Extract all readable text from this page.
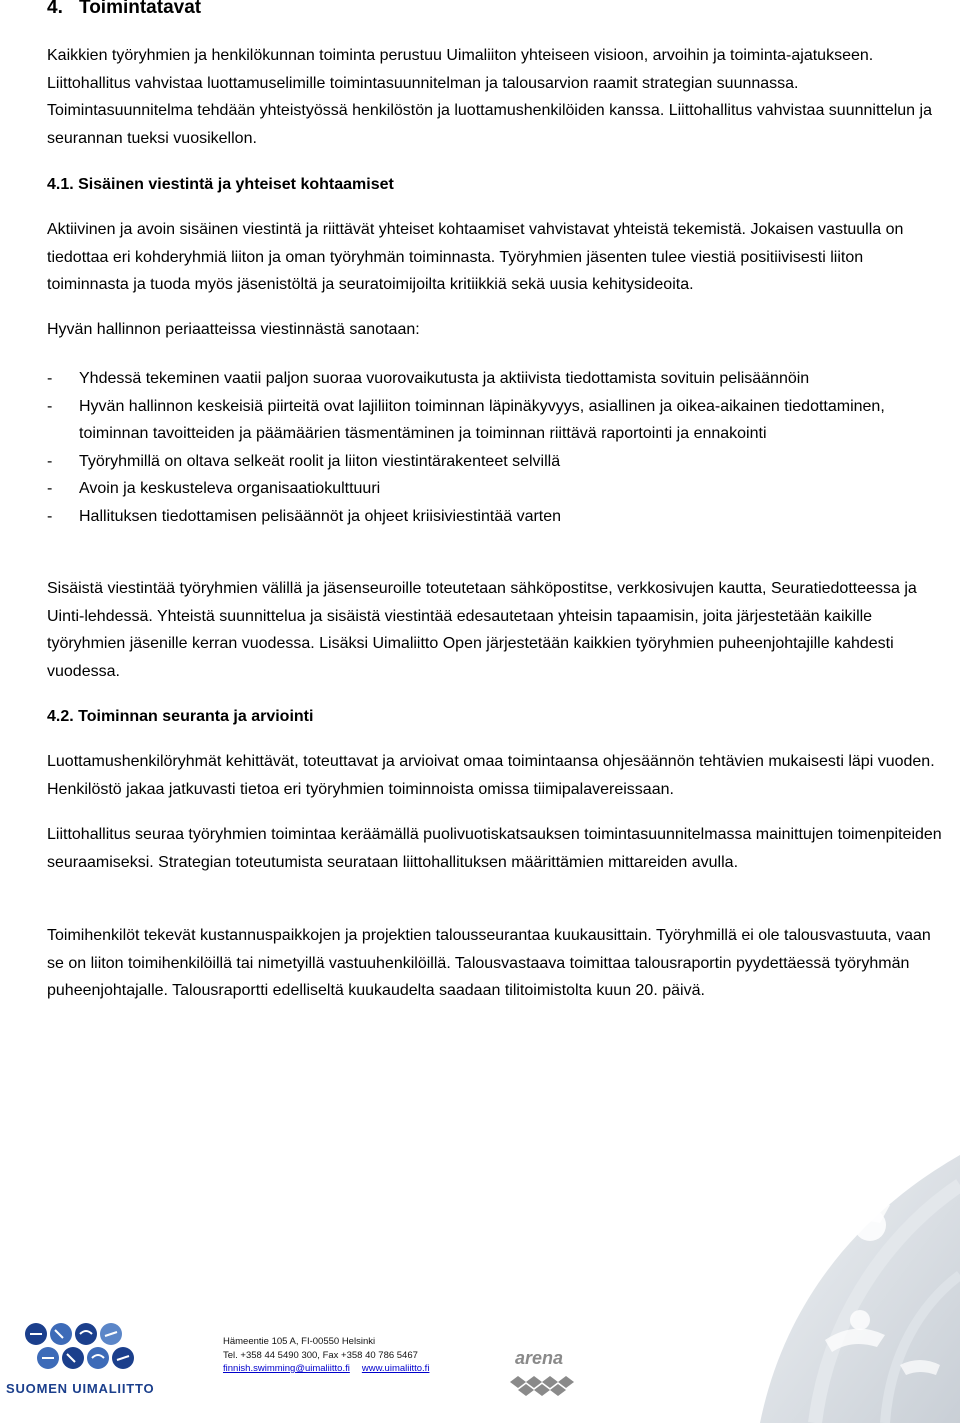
4. Toimintatavat

Kaikkien työryhmien ja henkilökunnan toiminta perustuu Uimaliiton yhteiseen visioon, arvoihin ja toiminta-ajatukseen. Liittohallitus vahvistaa luottamuselimille toimintasuunnitelman ja talousarvion raamit strategian suunnassa. Toimintasuunnitelma tehdään yhteistyössä henkilöstön ja luottamushenkilöiden kanssa. Liittohallitus vahvistaa suunnittelun ja seurannan tueksi vuosikellon.

4.1. Sisäinen viestintä ja yhteiset kohtaamiset

Aktiivinen ja avoin sisäinen viestintä ja riittävät yhteiset kohtaamiset vahvistavat yhteistä tekemistä. Jokaisen vastuulla on tiedottaa eri kohderyhmiä liiton ja oman työryhmän toiminnasta. Työryhmien jäsenten tulee viestiä positiivisesti liiton toiminnasta ja tuoda myös jäsenistöltä ja seuratoimijoilta kritiikkiä sekä uusia kehitysideoita.

Hyvän hallinnon periaatteissa viestinnästä sanotaan:

- Yhdessä tekeminen vaatii paljon suoraa vuorovaikutusta ja aktiivista tiedottamista sovituin pelisäännöin
- Hyvän hallinnon keskeisiä piirteitä ovat lajiliiton toiminnan läpinäkyvyys, asiallinen ja oikea-aikainen tiedottaminen, toiminnan tavoitteiden ja päämäärien täsmentäminen ja toiminnan riittävä raportointi ja ennakointi
- Työryhmillä on oltava selkeät roolit ja liiton viestintärakenteet selvillä
- Avoin ja keskusteleva organisaatiokulttuuri
- Hallituksen tiedottamisen pelisäännöt ja ohjeet kriisiviestintää varten

Sisäistä viestintää työryhmien välillä ja jäsenseuroille toteutetaan sähköpostitse, verkkosivujen kautta, Seuratiedotteessa ja Uinti-lehdessä. Yhteistä suunnittelua ja sisäistä viestintää edesautetaan yhteisin tapaamisin, joita järjestetään kaikille työryhmien jäsenille kerran vuodessa. Lisäksi Uimaliitto Open järjestetään kaikkien työryhmien puheenjohtajille kahdesti vuodessa.

4.2. Toiminnan seuranta ja arviointi

Luottamushenkilöryhmät kehittävät, toteuttavat ja arvioivat omaa toimintaansa ohjesäännön tehtävien mukaisesti läpi vuoden. Henkilöstö jakaa jatkuvasti tietoa eri työryhmien toiminnoista omissa tiimipalavereissaan.

Liittohallitus seuraa työryhmien toimintaa keräämällä puolivuotiskatsauksen toimintasuunnitelmassa mainittujen toimenpiteiden seuraamiseksi. Strategian toteutumista seurataan liittohallituksen määrittämien mittareiden avulla.

Toimihenkilöt tekevät kustannuspaikkojen ja projektien talousseurantaa kuukausittain. Työryhmillä ei ole talousvastuuta, vaan se on liiton toimihenkilöillä tai nimetyillä vastuuhenkilöillä. Talousvastaava toimittaa talousraportin pyydettäessä työryhmän puheenjohtajalle. Talousraportti edelliseltä kuukaudelta saadaan tilitoimistolta kuun 20. päivä.

SUOMEN UIMALIITTO
Hämeentie 105 A, FI-00550 Helsinki
Tel. +358 44 5490 300, Fax +358 40 786 5467
finnish.swimming@uimaliitto.fi www.uimaliitto.fi
arena
